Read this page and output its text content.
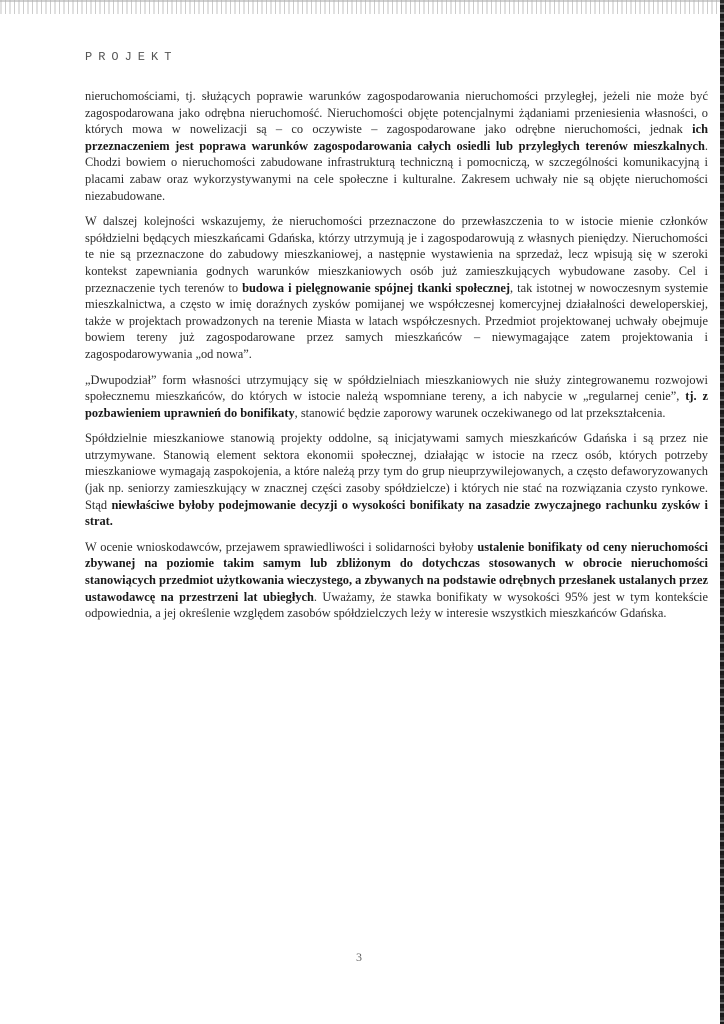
PROJEKT

nieruchomościami, tj. służących poprawie warunków zagospodarowania nieruchomości przyległej, jeżeli nie może być zagospodarowana jako odrębna nieruchomość. Nieruchomości objęte potencjalnymi żądaniami przeniesienia własności, o których mowa w nowelizacji są – co oczywiste – zagospodarowane jako odrębne nieruchomości, jednak ich przeznaczeniem jest poprawa warunków zagospodarowania całych osiedli lub przyległych terenów mieszkalnych. Chodzi bowiem o nieruchomości zabudowane infrastrukturą techniczną i pomocniczą, w szczególności komunikacyjną i placami zabaw oraz wykorzystywanymi na cele społeczne i kulturalne. Zakresem uchwały nie są objęte nieruchomości niezabudowane.

W dalszej kolejności wskazujemy, że nieruchomości przeznaczone do przewłaszczenia to w istocie mienie członków spółdzielni będących mieszkańcami Gdańska, którzy utrzymują je i zagospodarowują z własnych pieniędzy. Nieruchomości te nie są przeznaczone do zabudowy mieszkaniowej, a następnie wystawienia na sprzedaż, lecz wpisują się w szeroki kontekst zapewniania godnych warunków mieszkaniowych osób już zamieszkujących wybudowane zasoby. Cel i przeznaczenie tych terenów to budowa i pielęgnowanie spójnej tkanki społecznej, tak istotnej w nowoczesnym systemie mieszkalnictwa, a często w imię doraźnych zysków pomijanej we współczesnej komercyjnej działalności deweloperskiej, także w projektach prowadzonych na terenie Miasta w latach współczesnych. Przedmiot projektowanej uchwały obejmuje bowiem tereny już zagospodarowane przez samych mieszkańców – niewymagające zatem projektowania i zagospodarowywania „od nowa”.

„Dwupodział” form własności utrzymujący się w spółdzielniach mieszkaniowych nie służy zintegrowanemu rozwojowi społecznemu mieszkańców, do których w istocie należą wspomniane tereny, a ich nabycie w „regularnej cenie”, tj. z pozbawieniem uprawnień do bonifikaty, stanowić będzie zaporowy warunek oczekiwanego od lat przekształcenia.

Spółdzielnie mieszkaniowe stanowią projekty oddolne, są inicjatywami samych mieszkańców Gdańska i są przez nie utrzymywane. Stanowią element sektora ekonomii społecznej, działając w istocie na rzecz osób, których potrzeby mieszkaniowe wymagają zaspokojenia, a które należą przy tym do grup nieuprzywilejowanych, a często defaworyzowanych (jak np. seniorzy zamieszkujący w znacznej części zasoby spółdzielcze) i których nie stać na rozwiązania czysto rynkowe. Stąd niewłaściwe byłoby podejmowanie decyzji o wysokości bonifikaty na zasadzie zwyczajnego rachunku zysków i strat.

W ocenie wnioskodawców, przejawem sprawiedliwości i solidarności byłoby ustalenie bonifikaty od ceny nieruchomości zbywanej na poziomie takim samym lub zbliżonym do dotychczas stosowanych w obrocie nieruchomości stanowiących przedmiot użytkowania wieczystego, a zbywanych na podstawie odrębnych przesłanek ustalanych przez ustawodawcę na przestrzeni lat ubiegłych. Uważamy, że stawka bonifikaty w wysokości 95% jest w tym kontekście odpowiednia, a jej określenie względem zasobów spółdzielczych leży w interesie wszystkich mieszkańców Gdańska.

3
